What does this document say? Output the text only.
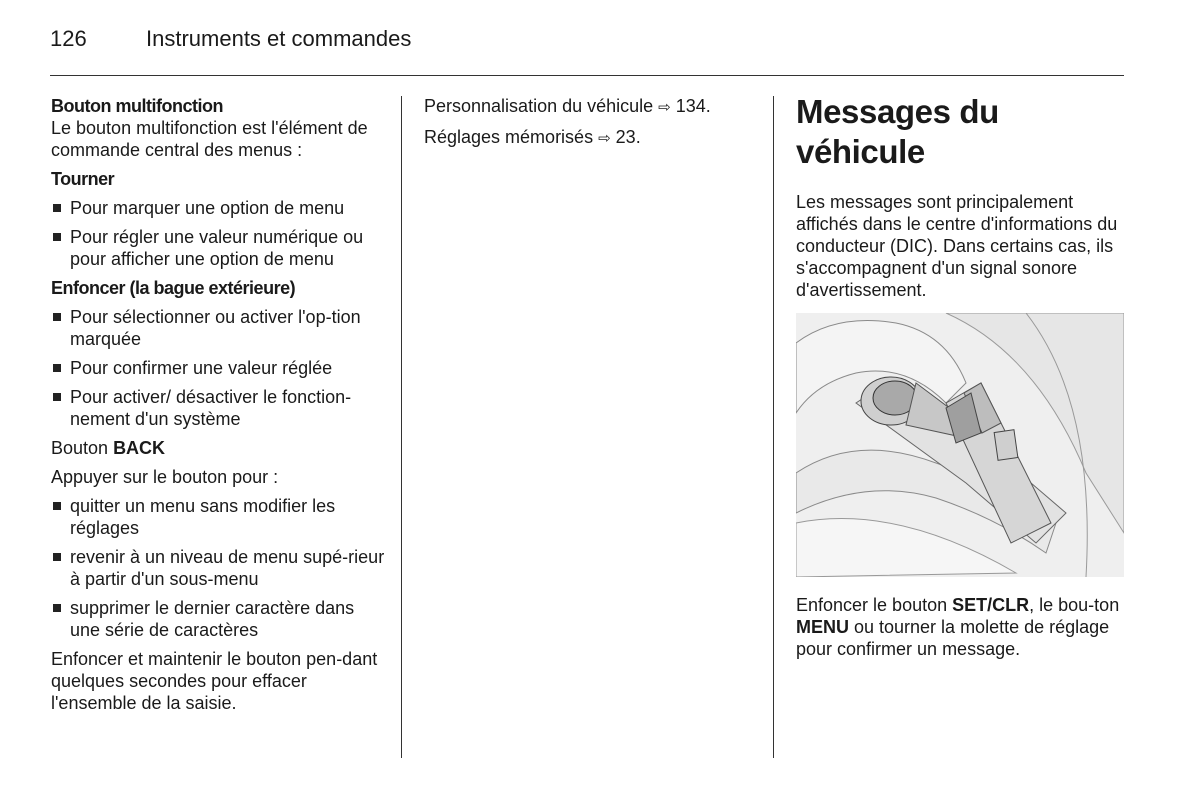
126	Instruments et commandes

Bouton multifonction

Le bouton multifonction est l'élément de commande central des menus :

Tourner

Pour marquer une option de menu
Pour régler une valeur numérique ou pour afficher une option de menu

Enfoncer (la bague extérieure)

Pour sélectionner ou activer l'op-tion marquée
Pour confirmer une valeur réglée
Pour activer/ désactiver le fonction-nement d'un système

Bouton BACK

Appuyer sur le bouton pour :

quitter un menu sans modifier les réglages
revenir à un niveau de menu supé-rieur à partir d'un sous-menu
supprimer le dernier caractère dans une série de caractères

Enfoncer et maintenir le bouton pen-dant quelques secondes pour effacer l'ensemble de la saisie.

Personnalisation du véhicule ⇨ 134.

Réglages mémorisés ⇨ 23.

Messages du véhicule

Les messages sont principalement affichés dans le centre d'informations du conducteur (DIC). Dans certains cas, ils s'accompagnent d'un signal sonore d'avertissement.

Enfoncer le bouton SET/CLR, le bou-ton MENU ou tourner la molette de réglage pour confirmer un message.
